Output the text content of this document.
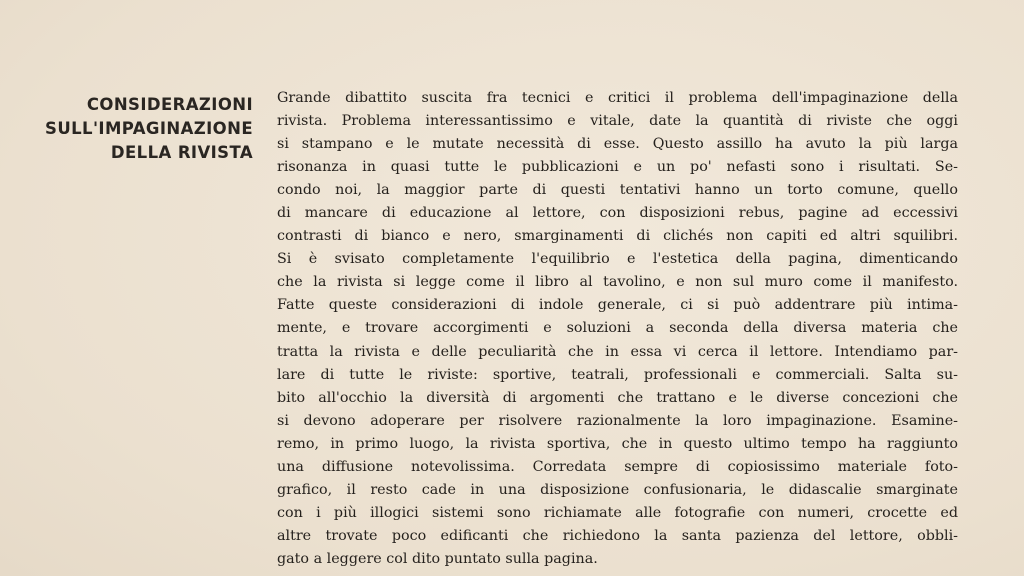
CONSIDERAZIONI
SULL'IMPAGINAZIONE
DELLA RIVISTA
Grande dibattito suscita fra tecnici e critici il problema dell'impaginazione della
rivista. Problema interessantissimo e vitale, date la quantità di riviste che oggi
si stampano e le mutate necessità di esse. Questo assillo ha avuto la più larga
risonanza in quasi tutte le pubblicazioni e un po' nefasti sono i risultati. Se-
condo noi, la maggior parte di questi tentativi hanno un torto comune, quello
di mancare di educazione al lettore, con disposizioni rebus, pagine ad eccessivi
contrasti di bianco e nero, smarginamenti di clichés non capiti ed altri squilibri.
Si è svisato completamente l'equilibrio e l'estetica della pagina, dimenticando
che la rivista si legge come il libro al tavolino, e non sul muro come il manifesto.
Fatte queste considerazioni di indole generale, ci si può addentrare più intima-
mente, e trovare accorgimenti e soluzioni a seconda della diversa materia che
tratta la rivista e delle peculiarità che in essa vi cerca il lettore. Intendiamo par-
lare di tutte le riviste: sportive, teatrali, professionali e commerciali. Salta su-
bito all'occhio la diversità di argomenti che trattano e le diverse concezioni che
si devono adoperare per risolvere razionalmente la loro impaginazione. Esamine-
remo, in primo luogo, la rivista sportiva, che in questo ultimo tempo ha raggiunto
una diffusione notevolissima. Corredata sempre di copiosissimo materiale foto-
grafico, il resto cade in una disposizione confusionaria, le didascalie smarginate
con i più illogici sistemi sono richiamate alle fotografie con numeri, crocette ed
altre trovate poco edificanti che richiedono la santa pazienza del lettore, obbli-
gato a leggere col dito puntato sulla pagina.
